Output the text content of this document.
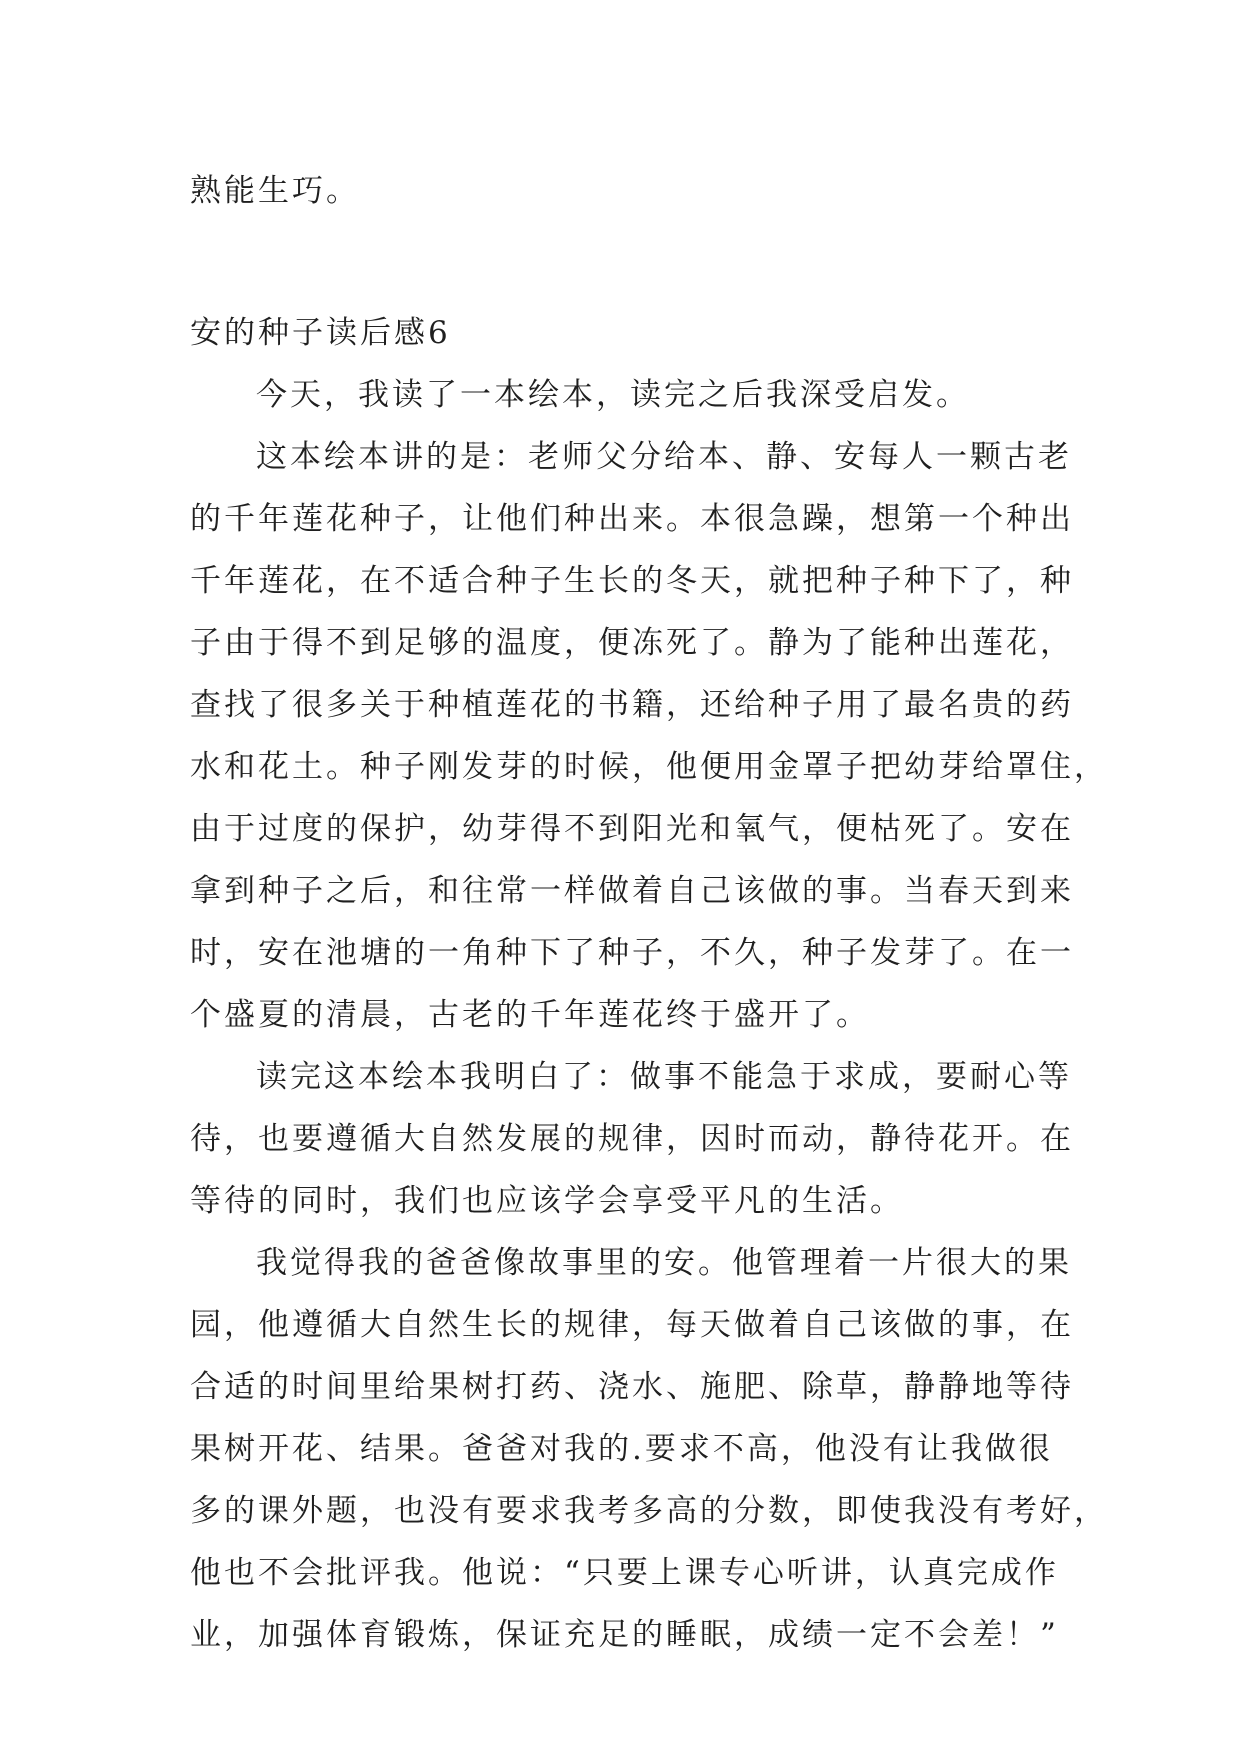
熟能生巧。
安的种子读后感6
今天，我读了一本绘本，读完之后我深受启发。
这本绘本讲的是：老师父分给本、静、安每人一颗古老
的千年莲花种子，让他们种出来。本很急躁，想第一个种出
千年莲花，在不适合种子生长的冬天，就把种子种下了，种
子由于得不到足够的温度，便冻死了。静为了能种出莲花，
查找了很多关于种植莲花的书籍，还给种子用了最名贵的药
水和花土。种子刚发芽的时候，他便用金罩子把幼芽给罩住，
由于过度的保护，幼芽得不到阳光和氧气，便枯死了。安在
拿到种子之后，和往常一样做着自己该做的事。当春天到来
时，安在池塘的一角种下了种子，不久，种子发芽了。在一
个盛夏的清晨，古老的千年莲花终于盛开了。
读完这本绘本我明白了：做事不能急于求成，要耐心等
待，也要遵循大自然发展的规律，因时而动，静待花开。在
等待的同时，我们也应该学会享受平凡的生活。
我觉得我的爸爸像故事里的安。他管理着一片很大的果
园，他遵循大自然生长的规律，每天做着自己该做的事，在
合适的时间里给果树打药、浇水、施肥、除草，静静地等待
果树开花、结果。爸爸对我的.要求不高，他没有让我做很
多的课外题，也没有要求我考多高的分数，即使我没有考好，
他也不会批评我。他说：“只要上课专心听讲，认真完成作
业，加强体育锻炼，保证充足的睡眠，成绩一定不会差！”
